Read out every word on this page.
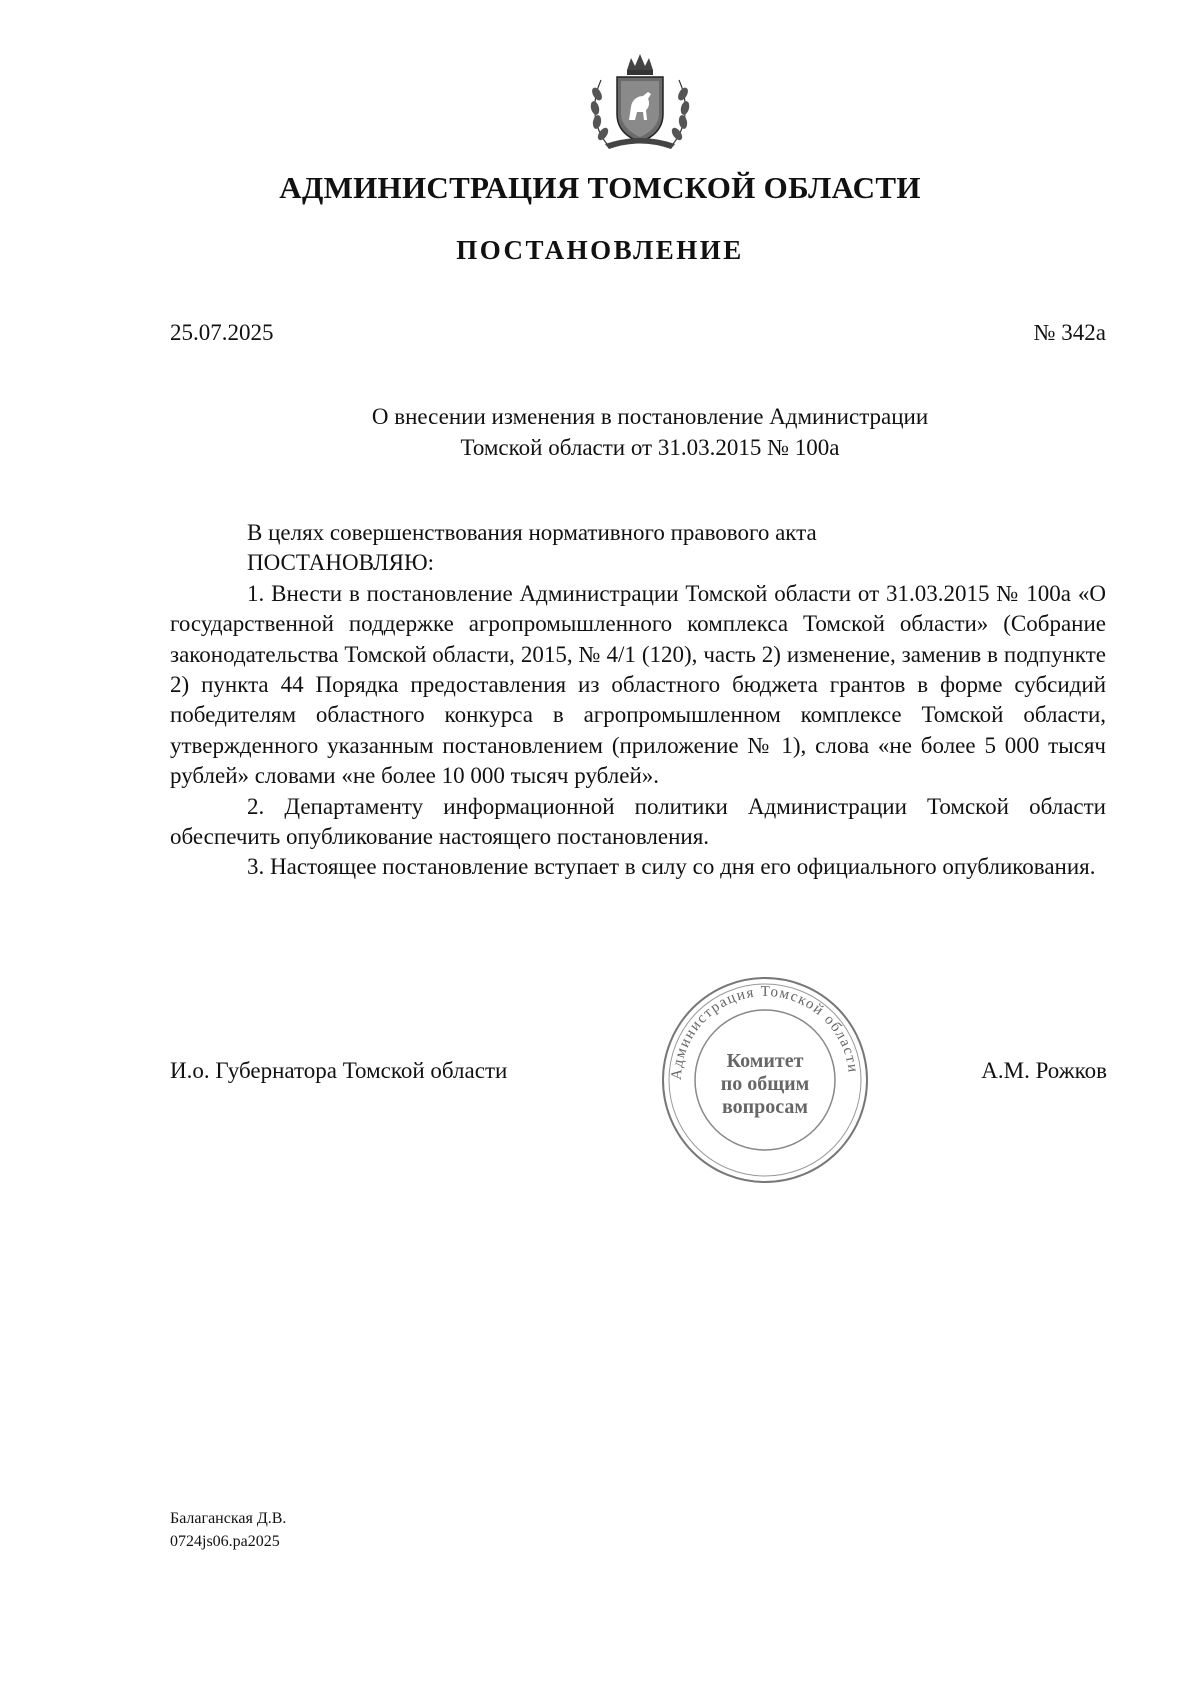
АДМИНИСТРАЦИЯ ТОМСКОЙ ОБЛАСТИ
ПОСТАНОВЛЕНИЕ
25.07.2025	№ 342а
О внесении изменения в постановление Администрации
Томской области от 31.03.2015 № 100а

В целях совершенствования нормативного правового акта

ПОСТАНОВЛЯЮ:

1. Внести в постановление Администрации Томской области от 31.03.2015 № 100а «О государственной поддержке агропромышленного комплекса Томской области» (Собрание законодательства Томской области, 2015, № 4/1 (120), часть 2) изменение, заменив в подпункте 2) пункта 44 Порядка предоставления из областного бюджета грантов в форме субсидий победителям областного конкурса в агропромышленном комплексе Томской области, утвержденного указанным постановлением (приложение № 1), слова «не более 5 000 тысяч рублей» словами «не более 10 000 тысяч рублей».

2. Департаменту информационной политики Администрации Томской области обеспечить опубликование настоящего постановления.

3. Настоящее постановление вступает в силу со дня его официального опубликования.

И.о. Губернатора Томской области	Администрация Томской области
Комитет
по общим
вопросам
А.М. Рожков
Балаганская Д.В.
0724js06.ра2025
